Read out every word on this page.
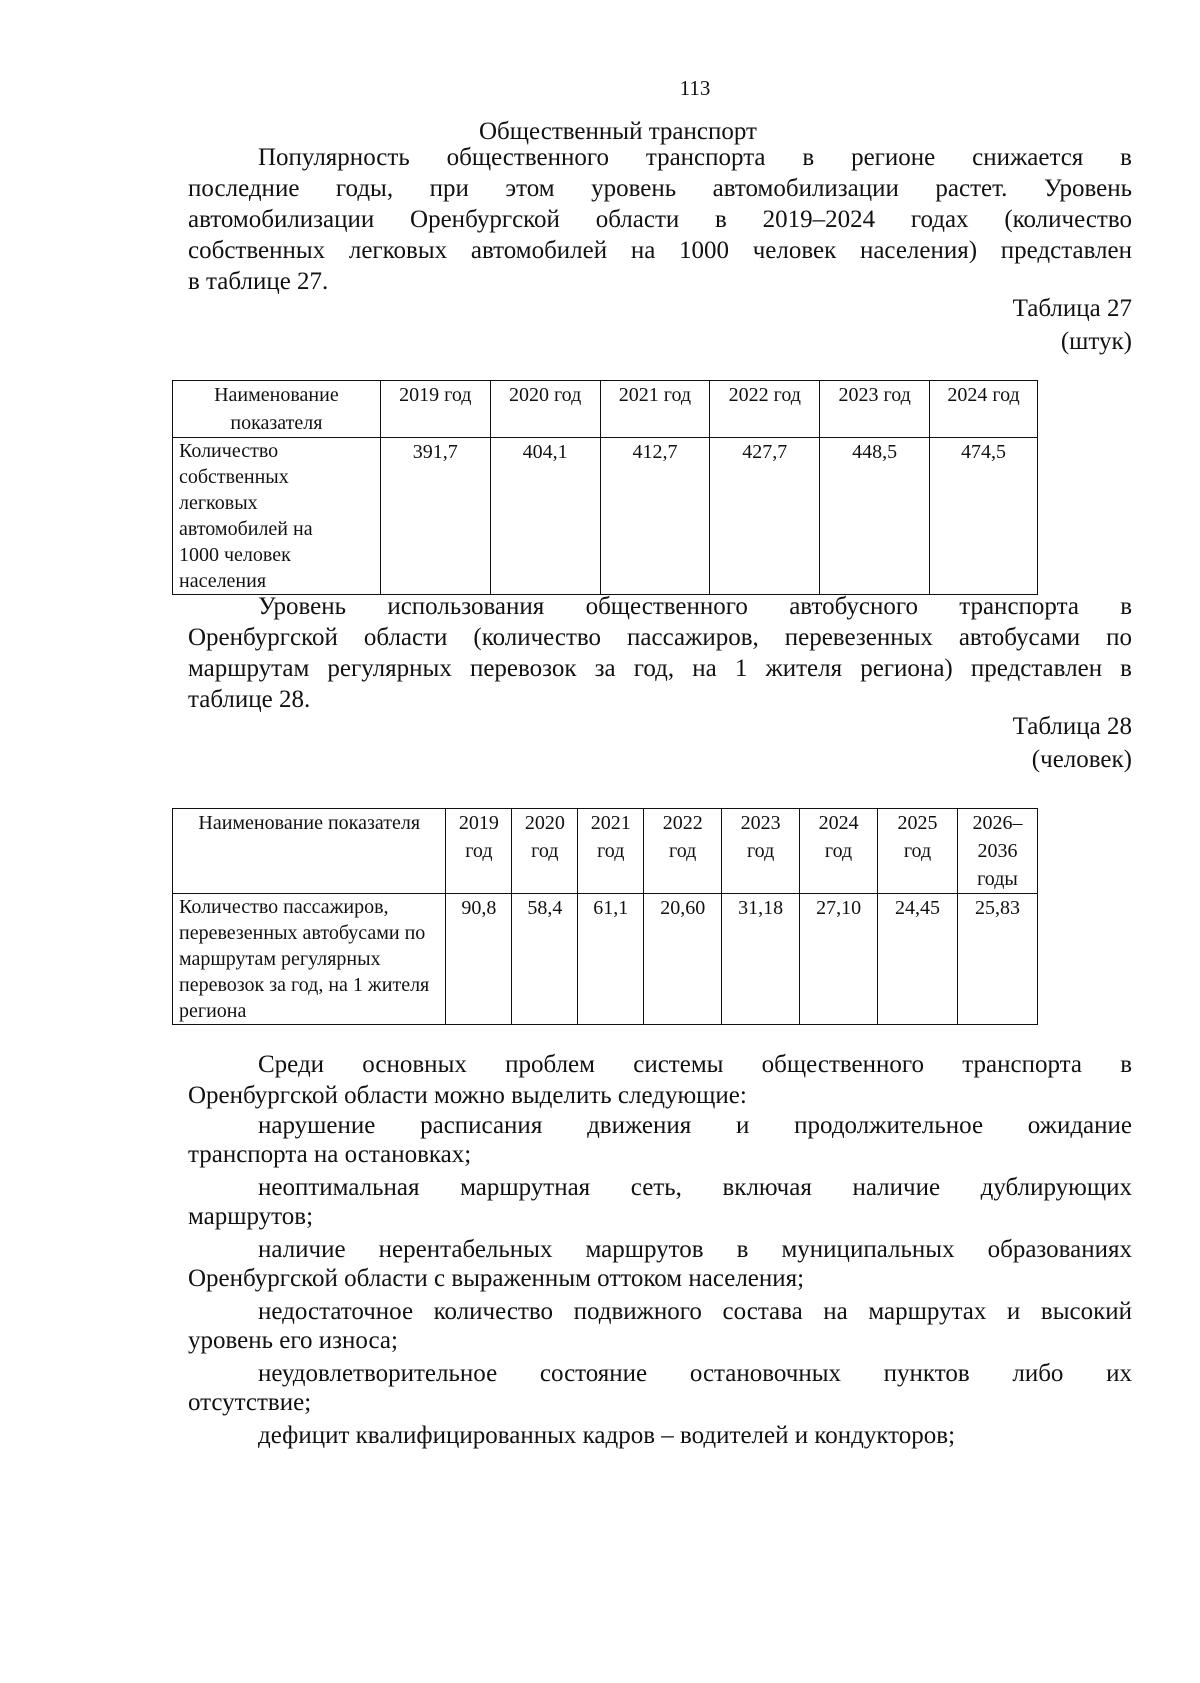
113
Общественный транспорт
Популярность общественного транспорта в регионе снижается в
последние годы, при этом уровень автомобилизации растет. Уровень
автомобилизации Оренбургской области в 2019–2024 годах (количество
собственных легковых автомобилей на 1000 человек населения) представлен
в таблице 27.
Таблица 27
(штук)
Наименование показателя	2019 год	2020 год	2021 год	2022 год	2023 год	2024 год
Количество собственных легковых автомобилей на 1000 человек населения	391,7	404,1	412,7	427,7	448,5	474,5
Уровень использования общественного автобусного транспорта в
Оренбургской области (количество пассажиров, перевезенных автобусами по
маршрутам регулярных перевозок за год, на 1 жителя региона) представлен в
таблице 28.
Таблица 28
(человек)
Наименование показателя	2019 год	2020 год	2021 год	2022 год	2023 год	2024 год	2025 год	2026–2036 годы
Количество пассажиров, перевезенных автобусами по маршрутам регулярных перевозок за год, на 1 жителя региона	90,8	58,4	61,1	20,60	31,18	27,10	24,45	25,83
Среди основных проблем системы общественного транспорта в
Оренбургской области можно выделить следующие:
нарушение расписания движения и продолжительное ожидание
транспорта на остановках;
неоптимальная маршрутная сеть, включая наличие дублирующих
маршрутов;
наличие нерентабельных маршрутов в муниципальных образованиях
Оренбургской области с выраженным оттоком населения;
недостаточное количество подвижного состава на маршрутах и высокий
уровень его износа;
неудовлетворительное состояние остановочных пунктов либо их
отсутствие;
дефицит квалифицированных кадров – водителей и кондукторов;
